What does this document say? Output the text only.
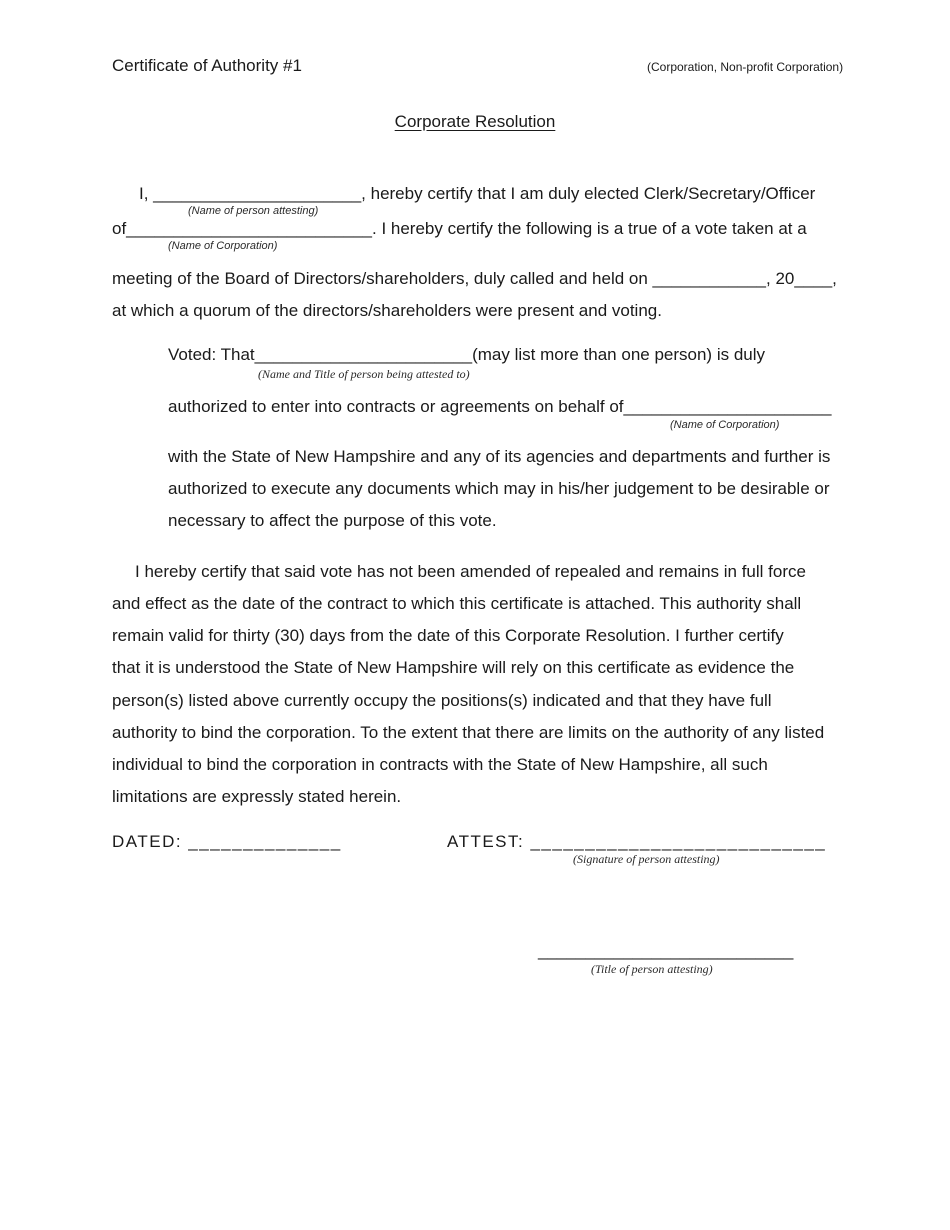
Certificate of Authority #1	(Corporation, Non-profit Corporation)
Corporate Resolution
I, ______________________, hereby certify that I am duly elected Clerk/Secretary/Officer
(Name of person attesting)
of__________________________. I hereby certify the following is a true of a vote taken at a
(Name of Corporation)
meeting of the Board of Directors/shareholders, duly called and held on ____________, 20____,
at which a quorum of the directors/shareholders were present and voting.
Voted: That_______________________(may list more than one person) is duly
(Name and Title of person being attested to)
authorized to enter into contracts or agreements on behalf of______________________
(Name of Corporation)
with the State of New Hampshire and any of its agencies and departments and further is
authorized to execute any documents which may in his/her judgement to be desirable or
necessary to affect the purpose of this vote.
I hereby certify that said vote has not been amended of repealed and remains in full force
and effect as the date of the contract to which this certificate is attached. This authority shall
remain valid for thirty (30) days from the date of this Corporate Resolution. I further certify
that it is understood the State of New Hampshire will rely on this certificate as evidence the
person(s) listed above currently occupy the positions(s) indicated and that they have full
authority to bind the corporation. To the extent that there are limits on the authority of any listed
individual to bind the corporation in contracts with the State of New Hampshire, all such
limitations are expressly stated herein.
DATED: ______________	ATTEST: ___________________________
(Signature of person attesting)
___________________________
(Title of person attesting)
